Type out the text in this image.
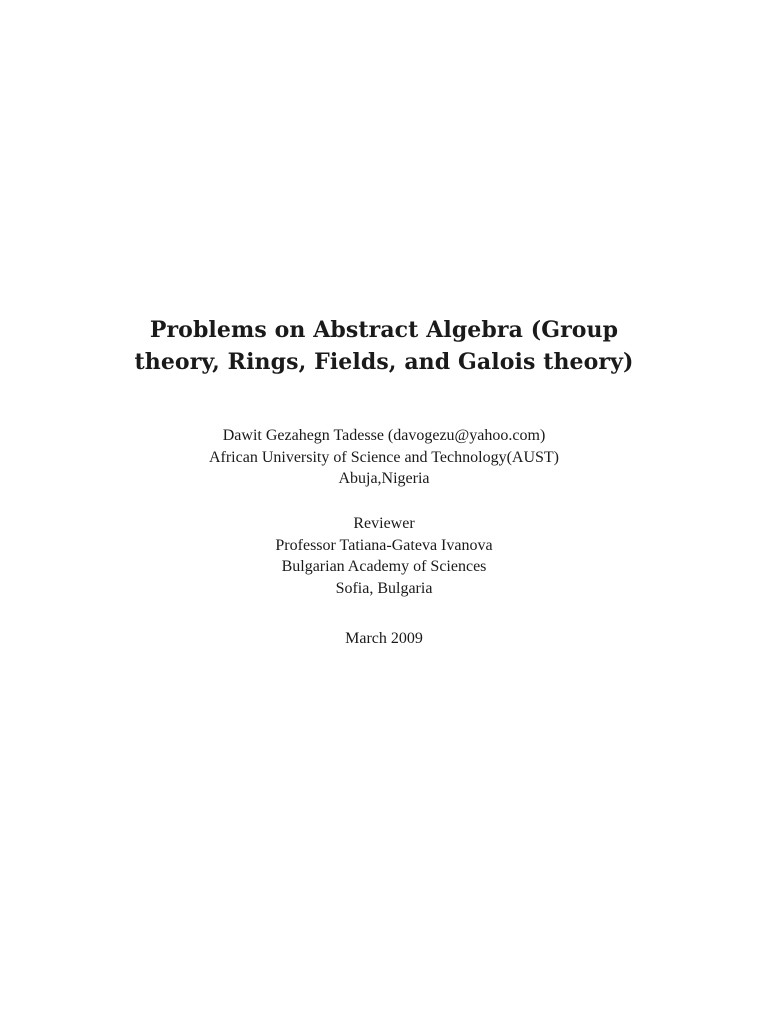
Problems on Abstract Algebra (Group
theory, Rings, Fields, and Galois theory)
Dawit Gezahegn Tadesse (davogezu@yahoo.com)
African University of Science and Technology(AUST)
Abuja,Nigeria
Reviewer
Professor Tatiana-Gateva Ivanova
Bulgarian Academy of Sciences
Sofia, Bulgaria
March 2009
